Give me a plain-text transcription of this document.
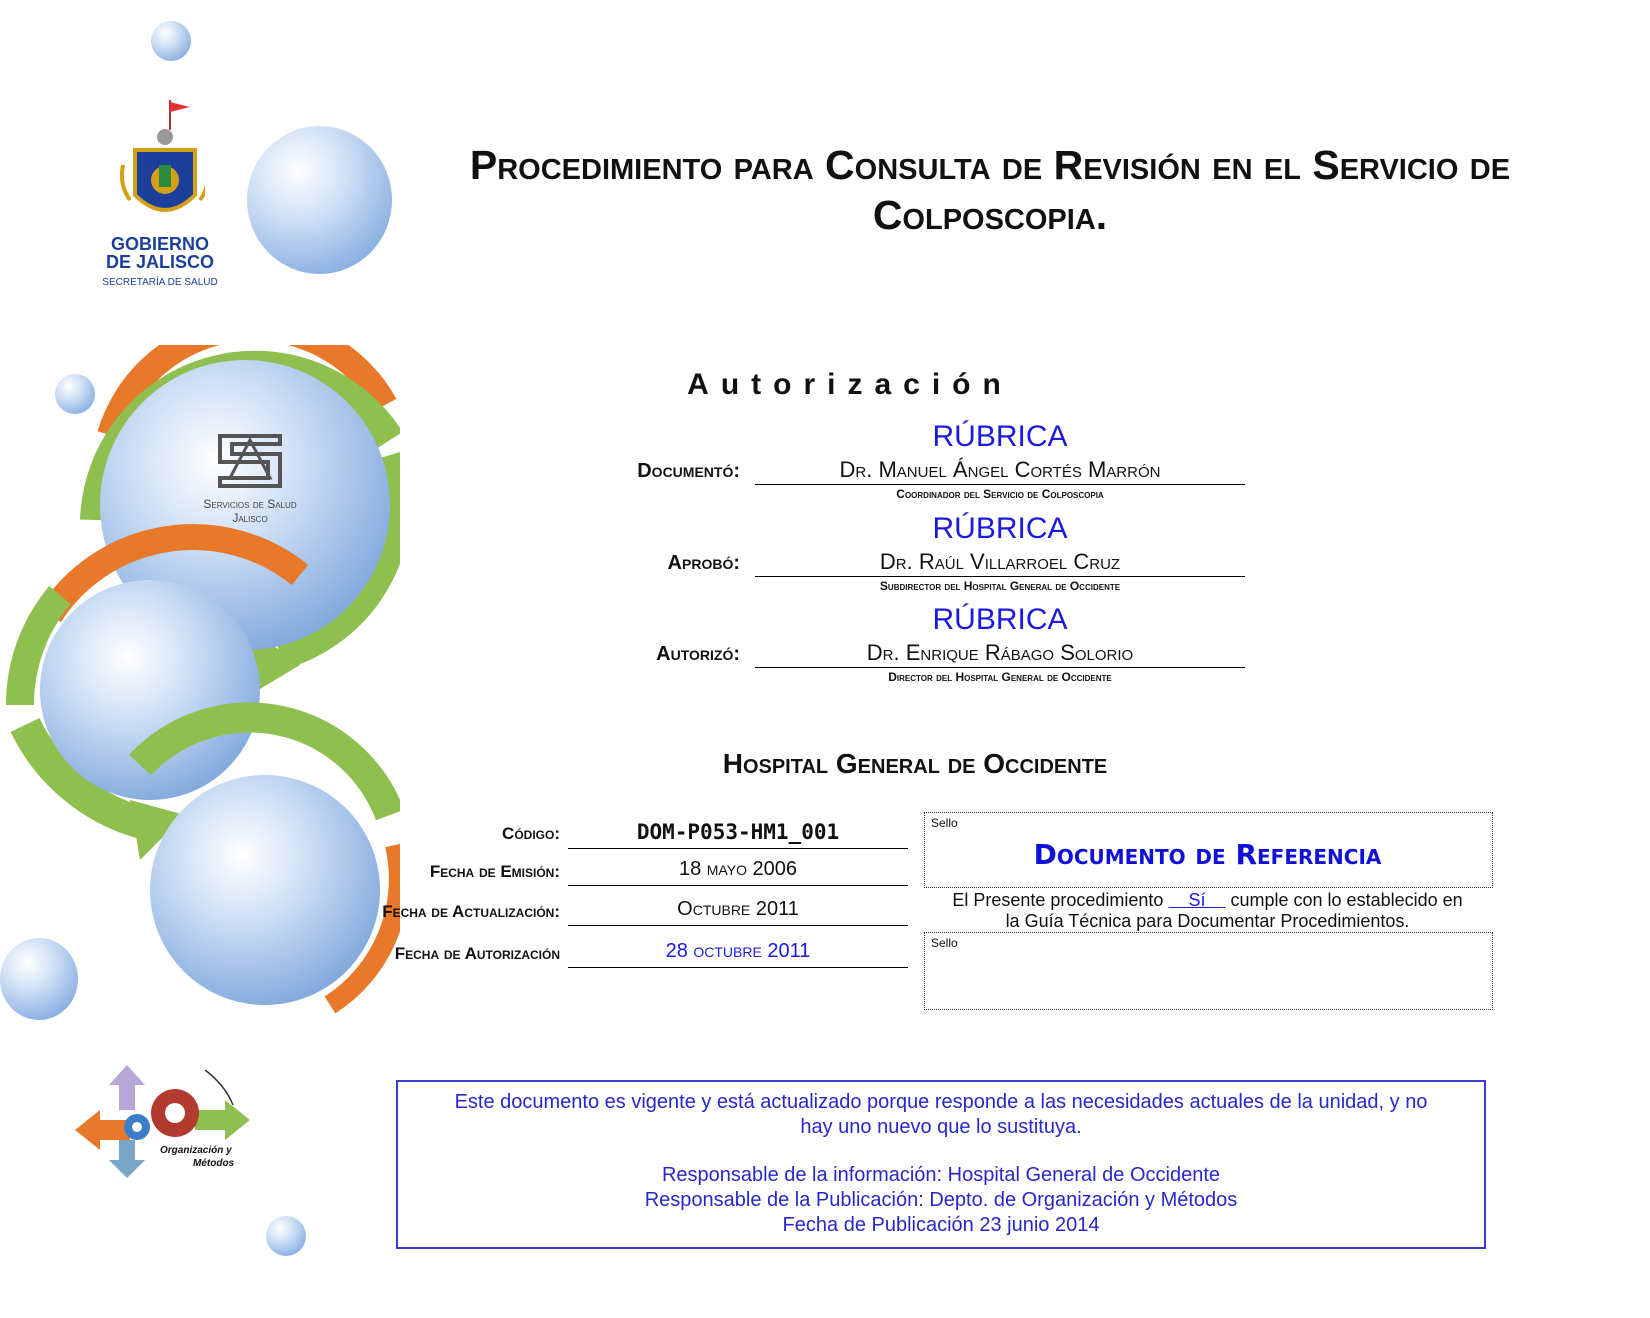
Servicios de Salud
Jalisco
GOBIERNO
DE JALISCO
SECRETARÍA DE SALUD
Procedimiento para Consulta de Revisión en el Servicio de Colposcopia.
Autorización
Documentó:
RÚBRICA
Dr. Manuel Ángel Cortés Marrón
Coordinador del Servicio de Colposcopia
Aprobó:
RÚBRICA
Dr. Raúl Villarroel Cruz
Subdirector del Hospital General de Occidente
Autorizó:
RÚBRICA
Dr. Enrique Rábago Solorio
Director del Hospital General de Occidente
Hospital General de Occidente
Código:	DOM-P053-HM1_001
Fecha de Emisión:	18 mayo 2006
Fecha de Actualización:	Octubre 2011
Fecha de Autorización	28 octubre 2011
Sello
Documento de Referencia
El Presente procedimiento     Sí     cumple con lo establecido en
la Guía Técnica para Documentar Procedimientos.
Sello
Organización y
Métodos
Este documento es vigente y está actualizado porque responde a las necesidades actuales de la unidad, y no
hay uno nuevo que lo sustituya.
Responsable de la información: Hospital General de Occidente
Responsable de la Publicación: Depto. de Organización y Métodos
Fecha de Publicación 23 junio 2014
